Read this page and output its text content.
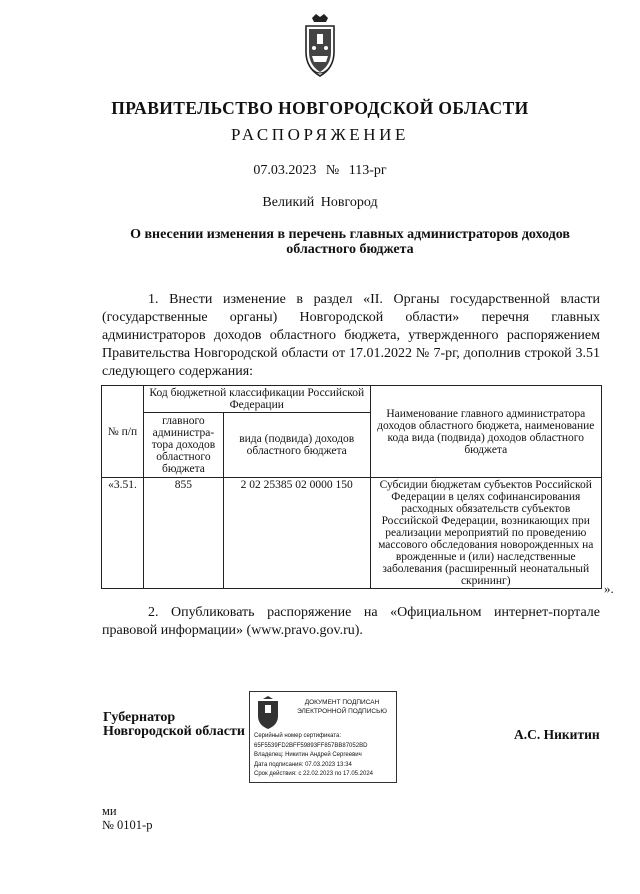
ПРАВИТЕЛЬСТВО НОВГОРОДСКОЙ ОБЛАСТИ
РАСПОРЯЖЕНИЕ
07.03.2023 № 113-рг
Великий Новгород
О внесении изменения в перечень главных администраторов доходов областного бюджета
1. Внести изменение в раздел «II. Органы государственной власти (государственные органы) Новгородской области» перечня главных администраторов доходов областного бюджета, утвержденного распоряжением Правительства Новгородской области от 17.01.2022 № 7-рг, дополнив строкой 3.51 следующего содержания:
№ п/п	Код бюджетной классификации Российской Федерации		Наименование главного администратора доходов областного бюджета, наименование кода вида (подвида) доходов областного бюджета
	главного администра-тора доходов областного бюджета	вида (подвида) доходов областного бюджета	
«3.51.	855	2 02 25385 02 0000 150	Субсидии бюджетам субъектов Российской Федерации в целях софинансирования расходных обязательств субъектов Российской Федерации, возникающих при реализации мероприятий по проведению массового обследования новорожденных на врожденные и (или) наследственные заболевания (расширенный неонатальный скрининг)	».
2. Опубликовать распоряжение на «Официальном интернет-портале правовой информации» (www.pravo.gov.ru).
Губернатор
Новгородской области
ДОКУМЕНТ ПОДПИСАН
ЭЛЕКТРОННОЙ ПОДПИСЬЮ
Серийный номер сертификата:
65F5539FD2BFF59893FF857BB87052BD
Владелец: Никитин Андрей Сергеевич
Дата подписания: 07.03.2023 13:34
Срок действия: с 22.02.2023 по 17.05.2024
А.С. Никитин
ми
№ 0101-р
